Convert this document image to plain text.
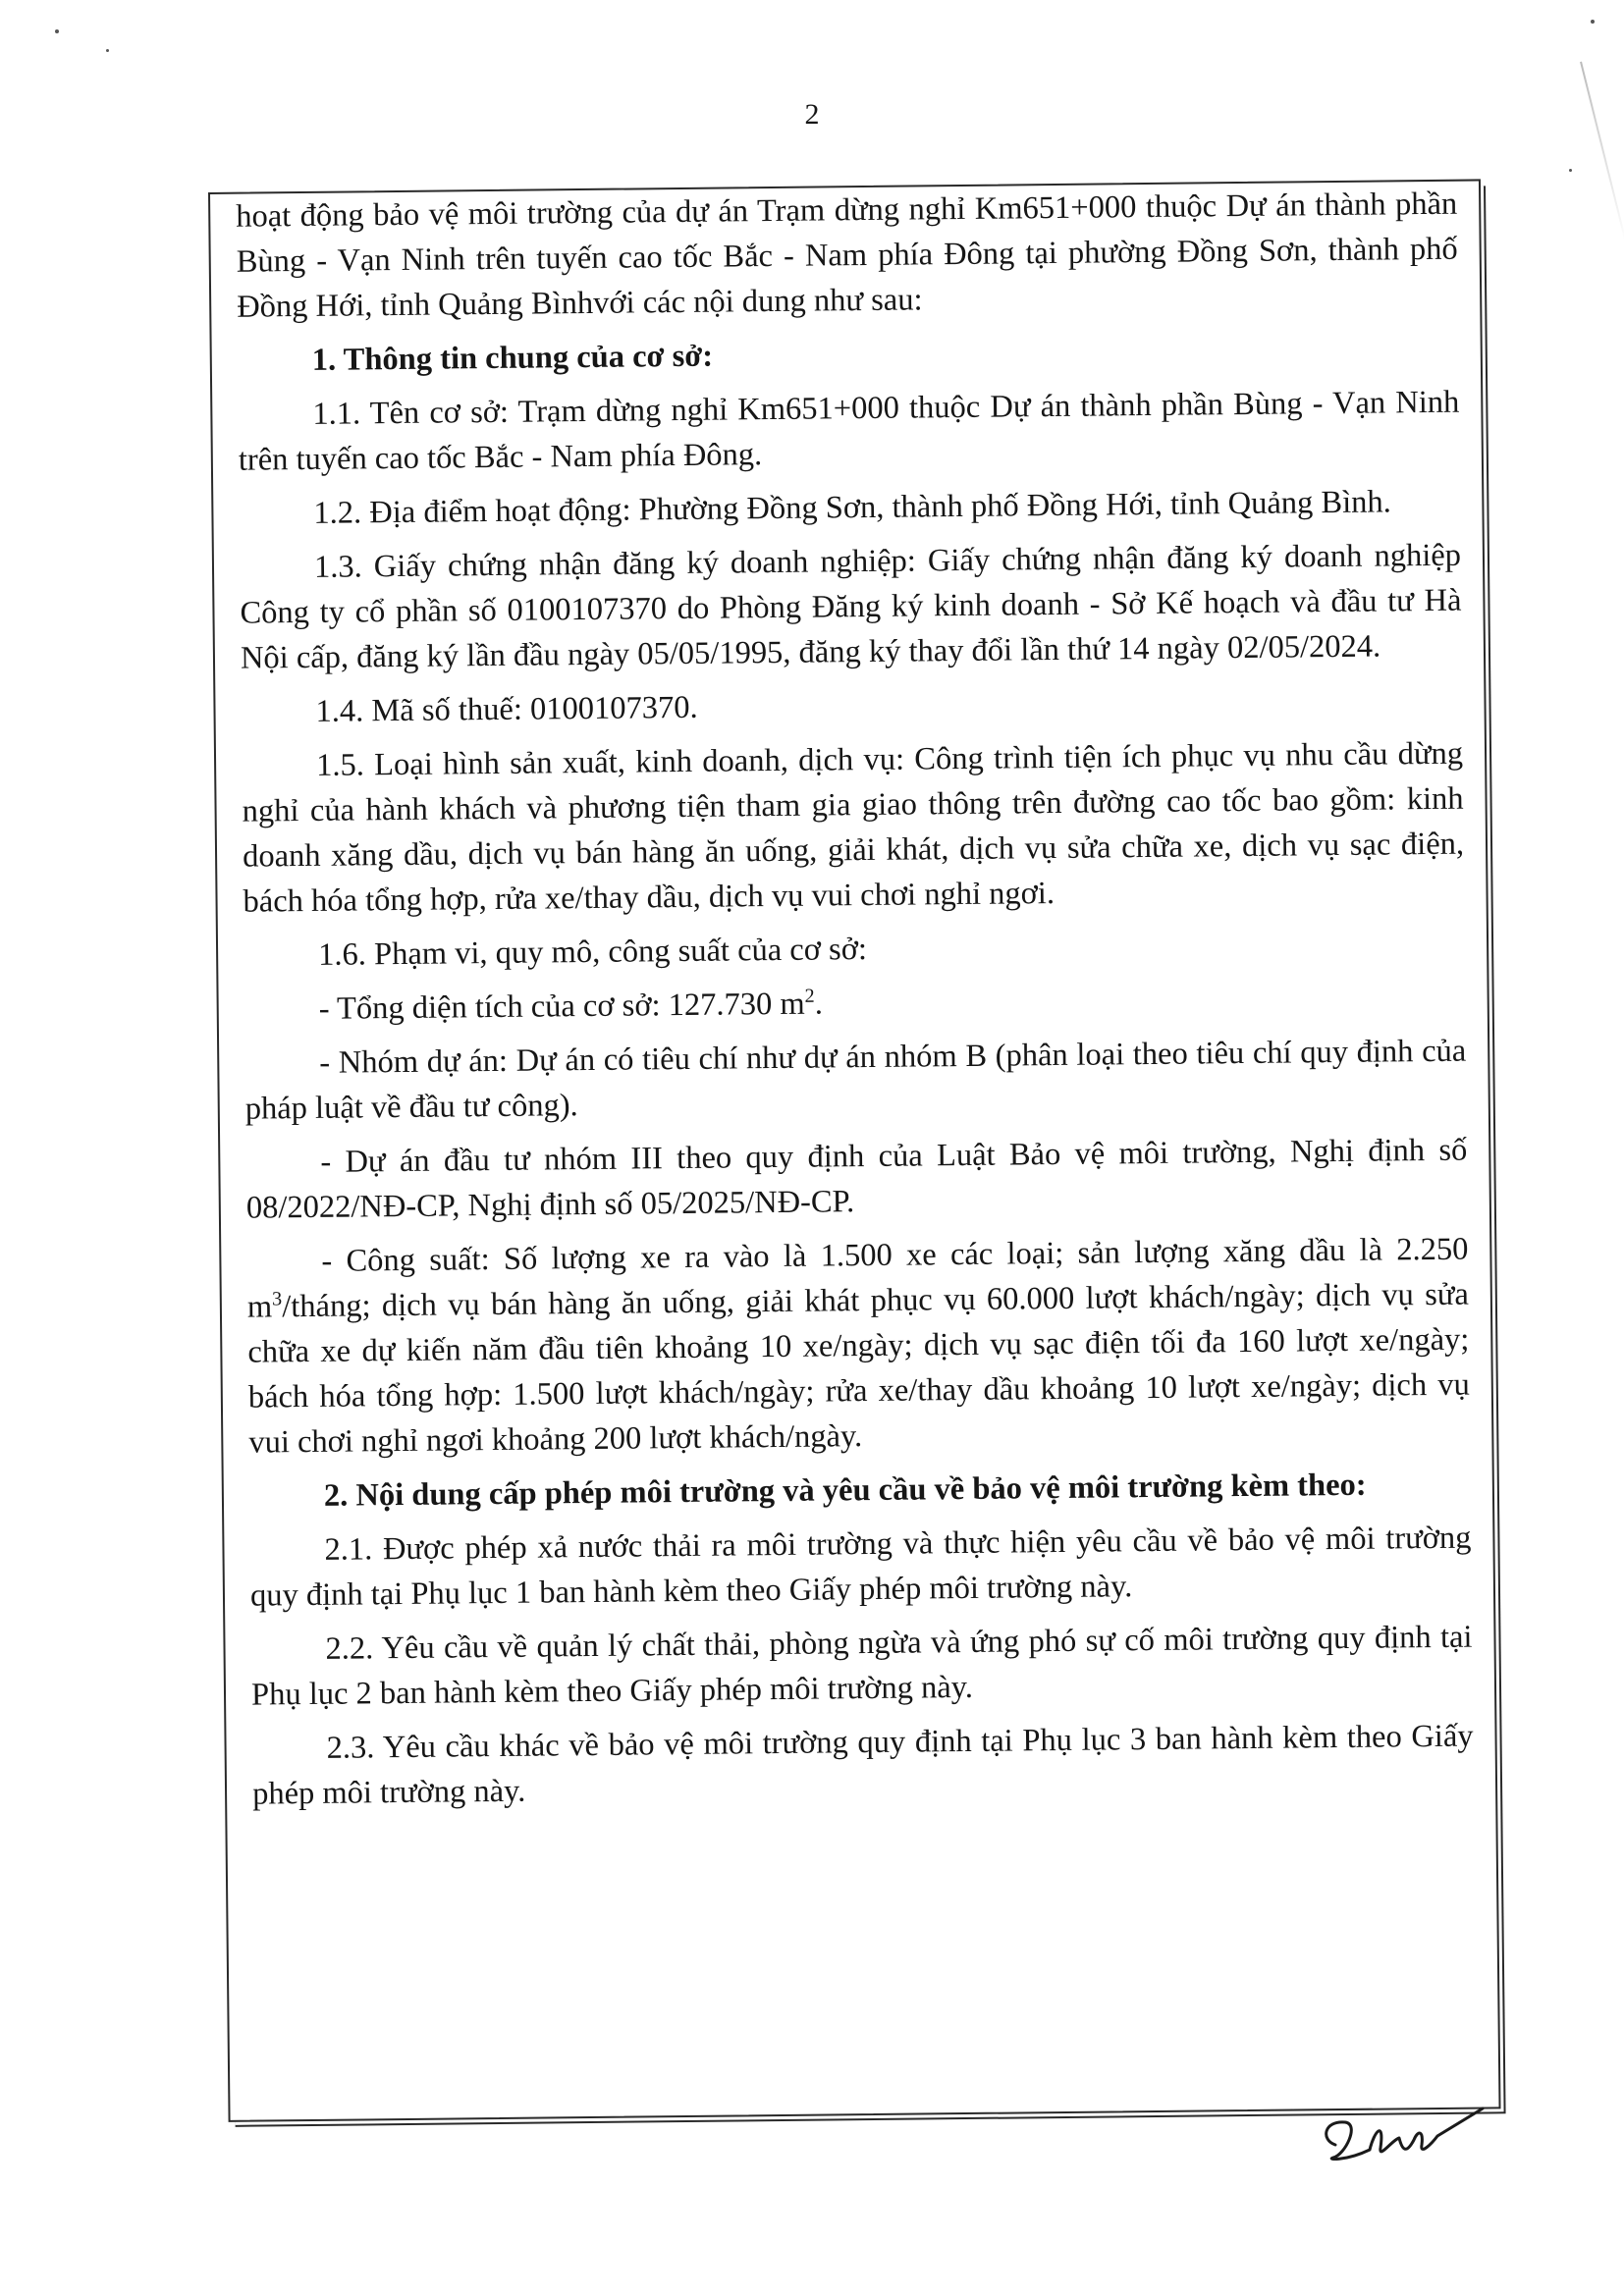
2

hoạt động bảo vệ môi trường của dự án Trạm dừng nghỉ Km651+000 thuộc Dự án thành phần Bùng - Vạn Ninh trên tuyến cao tốc Bắc - Nam phía Đông tại phường Đồng Sơn, thành phố Đồng Hới, tỉnh Quảng Bìnhvới các nội dung như sau:

1. Thông tin chung của cơ sở:

1.1. Tên cơ sở: Trạm dừng nghỉ Km651+000 thuộc Dự án thành phần Bùng - Vạn Ninh trên tuyến cao tốc Bắc - Nam phía Đông.

1.2. Địa điểm hoạt động: Phường Đồng Sơn, thành phố Đồng Hới, tỉnh Quảng Bình.

1.3. Giấy chứng nhận đăng ký doanh nghiệp: Giấy chứng nhận đăng ký doanh nghiệp Công ty cổ phần số 0100107370 do Phòng Đăng ký kinh doanh - Sở Kế hoạch và đầu tư Hà Nội cấp, đăng ký lần đầu ngày 05/05/1995, đăng ký thay đổi lần thứ 14 ngày 02/05/2024.

1.4. Mã số thuế: 0100107370.

1.5. Loại hình sản xuất, kinh doanh, dịch vụ: Công trình tiện ích phục vụ nhu cầu dừng nghỉ của hành khách và phương tiện tham gia giao thông trên đường cao tốc bao gồm: kinh doanh xăng dầu, dịch vụ bán hàng ăn uống, giải khát, dịch vụ sửa chữa xe, dịch vụ sạc điện, bách hóa tổng hợp, rửa xe/thay dầu, dịch vụ vui chơi nghỉ ngơi.

1.6. Phạm vi, quy mô, công suất của cơ sở:

- Tổng diện tích của cơ sở: 127.730 $m^2$.

- Nhóm dự án: Dự án có tiêu chí như dự án nhóm B (phân loại theo tiêu chí quy định của pháp luật về đầu tư công).

- Dự án đầu tư nhóm III theo quy định của Luật Bảo vệ môi trường, Nghị định số 08/2022/NĐ-CP, Nghị định số 05/2025/NĐ-CP.

- Công suất: Số lượng xe ra vào là 1.500 xe các loại; sản lượng xăng dầu là 2.250 $m^3$/tháng; dịch vụ bán hàng ăn uống, giải khát phục vụ 60.000 lượt khách/ngày; dịch vụ sửa chữa xe dự kiến năm đầu tiên khoảng 10 xe/ngày; dịch vụ sạc điện tối đa 160 lượt xe/ngày; bách hóa tổng hợp: 1.500 lượt khách/ngày; rửa xe/thay dầu khoảng 10 lượt xe/ngày; dịch vụ vui chơi nghỉ ngơi khoảng 200 lượt khách/ngày.

2. Nội dung cấp phép môi trường và yêu cầu về bảo vệ môi trường kèm theo:

2.1. Được phép xả nước thải ra môi trường và thực hiện yêu cầu về bảo vệ môi trường quy định tại Phụ lục 1 ban hành kèm theo Giấy phép môi trường này.

2.2. Yêu cầu về quản lý chất thải, phòng ngừa và ứng phó sự cố môi trường quy định tại Phụ lục 2 ban hành kèm theo Giấy phép môi trường này.

2.3. Yêu cầu khác về bảo vệ môi trường quy định tại Phụ lục 3 ban hành kèm theo Giấy phép môi trường này.
